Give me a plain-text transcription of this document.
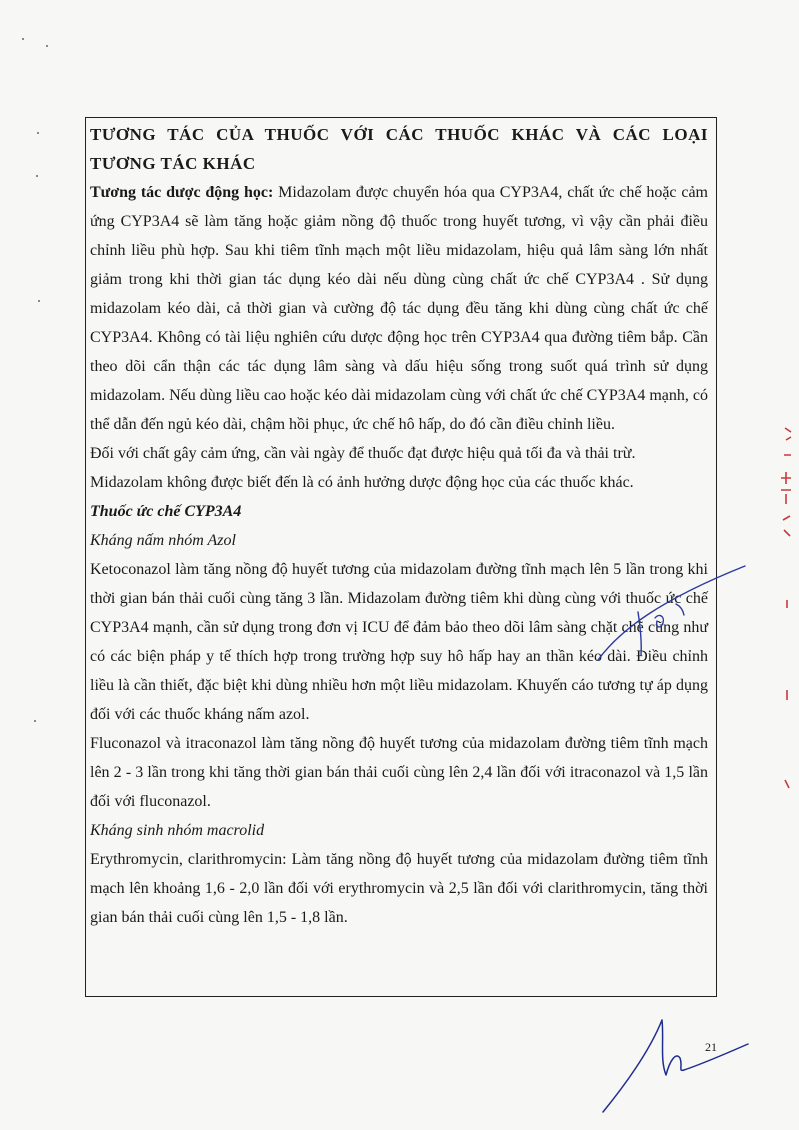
TƯƠNG TÁC CỦA THUỐC VỚI CÁC THUỐC KHÁC VÀ CÁC LOẠI TƯƠNG TÁC KHÁC

Tương tác dược động học: Midazolam được chuyển hóa qua CYP3A4, chất ức chế hoặc cảm ứng CYP3A4 sẽ làm tăng hoặc giảm nồng độ thuốc trong huyết tương, vì vậy cần phải điều chỉnh liều phù hợp. Sau khi tiêm tĩnh mạch một liều midazolam, hiệu quả lâm sàng lớn nhất giảm trong khi thời gian tác dụng kéo dài nếu dùng cùng chất ức chế CYP3A4 . Sử dụng midazolam kéo dài, cả thời gian và cường độ tác dụng đều tăng khi dùng cùng chất ức chế CYP3A4. Không có tài liệu nghiên cứu dược động học trên CYP3A4 qua đường tiêm bắp. Cần theo dõi cẩn thận các tác dụng lâm sàng và dấu hiệu sống trong suốt quá trình sử dụng midazolam. Nếu dùng liều cao hoặc kéo dài midazolam cùng với chất ức chế CYP3A4 mạnh, có thể dẫn đến ngủ kéo dài, chậm hồi phục, ức chế hô hấp, do đó cần điều chỉnh liều.

Đối với chất gây cảm ứng, cần vài ngày để thuốc đạt được hiệu quả tối đa và thải trừ.

Midazolam không được biết đến là có ảnh hưởng dược động học của các thuốc khác.

Thuốc ức chế CYP3A4

Kháng nấm nhóm Azol

Ketoconazol làm tăng nồng độ huyết tương của midazolam đường tĩnh mạch lên 5 lần trong khi thời gian bán thải cuối cùng tăng 3 lần. Midazolam đường tiêm khi dùng cùng với thuốc ức chế CYP3A4 mạnh, cần sử dụng trong đơn vị ICU để đảm bảo theo dõi lâm sàng chặt chẽ cũng như có các biện pháp y tế thích hợp trong trường hợp suy hô hấp hay an thần kéo dài. Điều chỉnh liều là cần thiết, đặc biệt khi dùng nhiều hơn một liều midazolam. Khuyến cáo tương tự áp dụng đối với các thuốc kháng nấm azol.

Fluconazol và itraconazol làm tăng nồng độ huyết tương của midazolam đường tiêm tĩnh mạch lên 2 - 3 lần trong khi tăng thời gian bán thải cuối cùng lên 2,4 lần đối với itraconazol và 1,5 lần đối với fluconazol.

Kháng sinh nhóm macrolid

Erythromycin, clarithromycin: Làm tăng nồng độ huyết tương của midazolam đường tiêm tĩnh mạch lên khoảng 1,6 - 2,0 lần đối với erythromycin và 2,5 lần đối với clarithromycin, tăng thời gian bán thải cuối cùng lên 1,5 - 1,8 lần.

21
